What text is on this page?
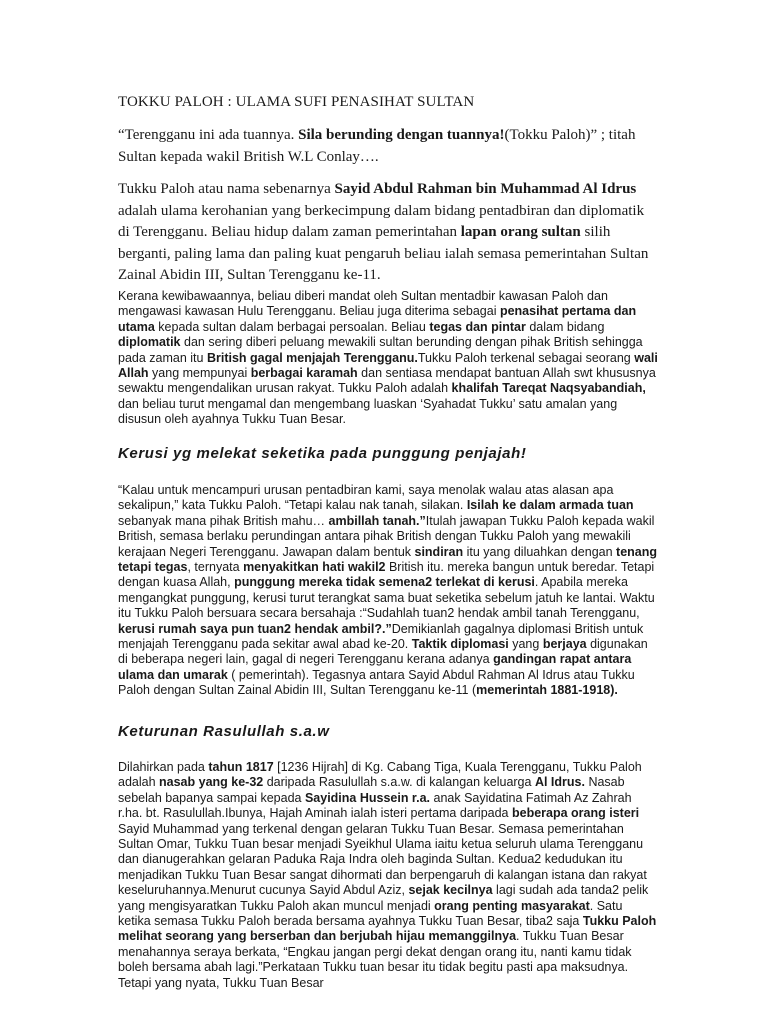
TOKKU PALOH : ULAMA SUFI PENASIHAT SULTAN

“Terengganu ini ada tuannya. Sila berunding dengan tuannya!(Tokku Paloh)” ; titah Sultan kepada wakil British W.L Conlay….

Tukku Paloh atau nama sebenarnya Sayid Abdul Rahman bin Muhammad Al Idrus adalah ulama kerohanian yang berkecimpung dalam bidang pentadbiran dan diplomatik di Terengganu. Beliau hidup dalam zaman pemerintahan lapan orang sultan silih berganti, paling lama dan paling kuat pengaruh beliau ialah semasa pemerintahan Sultan Zainal Abidin III, Sultan Terengganu ke-11.

Kerana kewibawaannya, beliau diberi mandat oleh Sultan mentadbir kawasan Paloh dan mengawasi kawasan Hulu Terengganu. Beliau juga diterima sebagai penasihat pertama dan utama kepada sultan dalam berbagai persoalan. Beliau tegas dan pintar dalam bidang diplomatik dan sering diberi peluang mewakili sultan berunding dengan pihak British sehingga pada zaman itu British gagal menjajah Terengganu.Tukku Paloh terkenal sebagai seorang wali Allah yang mempunyai berbagai karamah dan sentiasa mendapat bantuan Allah swt khususnya sewaktu mengendalikan urusan rakyat. Tukku Paloh adalah khalifah Tareqat Naqsyabandiah, dan beliau turut mengamal dan mengembang luaskan ‘Syahadat Tukku’ satu amalan yang disusun oleh ayahnya Tukku Tuan Besar.

Kerusi yg melekat seketika pada punggung penjajah!

“Kalau untuk mencampuri urusan pentadbiran kami, saya menolak walau atas alasan apa sekalipun,” kata Tukku Paloh. “Tetapi kalau nak tanah, silakan. Isilah ke dalam armada tuan sebanyak mana pihak British mahu… ambillah tanah.”Itulah jawapan Tukku Paloh kepada wakil British, semasa berlaku perundingan antara pihak British dengan Tukku Paloh yang mewakili kerajaan Negeri Terengganu. Jawapan dalam bentuk sindiran itu yang diluahkan dengan tenang tetapi tegas, ternyata menyakitkan hati wakil2 British itu. mereka bangun untuk beredar. Tetapi dengan kuasa Allah, punggung mereka tidak semena2 terlekat di kerusi. Apabila mereka mengangkat punggung, kerusi turut terangkat sama buat seketika sebelum jatuh ke lantai. Waktu itu Tukku Paloh bersuara secara bersahaja :“Sudahlah tuan2 hendak ambil tanah Terengganu, kerusi rumah saya pun tuan2 hendak ambil?.”Demikianlah gagalnya diplomasi British untuk menjajah Terengganu pada sekitar awal abad ke-20. Taktik diplomasi yang berjaya digunakan di beberapa negeri lain, gagal di negeri Terengganu kerana adanya gandingan rapat antara ulama dan umarak ( pemerintah). Tegasnya antara Sayid Abdul Rahman Al Idrus atau Tukku Paloh dengan Sultan Zainal Abidin III, Sultan Terengganu ke-11 (memerintah 1881-1918).

Keturunan Rasulullah s.a.w

Dilahirkan pada tahun 1817 [1236 Hijrah] di Kg. Cabang Tiga, Kuala Terengganu, Tukku Paloh adalah nasab yang ke-32 daripada Rasulullah s.a.w. di kalangan keluarga Al Idrus. Nasab sebelah bapanya sampai kepada Sayidina Hussein r.a. anak Sayidatina Fatimah Az Zahrah r.ha. bt. Rasulullah.Ibunya, Hajah Aminah ialah isteri pertama daripada beberapa orang isteri Sayid Muhammad yang terkenal dengan gelaran Tukku Tuan Besar. Semasa pemerintahan Sultan Omar, Tukku Tuan besar menjadi Syeikhul Ulama iaitu ketua seluruh ulama Terengganu dan dianugerahkan gelaran Paduka Raja Indra oleh baginda Sultan. Kedua2 kedudukan itu menjadikan Tukku Tuan Besar sangat dihormati dan berpengaruh di kalangan istana dan rakyat keseluruhannya.Menurut cucunya Sayid Abdul Aziz, sejak kecilnya lagi sudah ada tanda2 pelik yang mengisyaratkan Tukku Paloh akan muncul menjadi orang penting masyarakat. Satu ketika semasa Tukku Paloh berada bersama ayahnya Tukku Tuan Besar, tiba2 saja Tukku Paloh melihat seorang yang berserban dan berjubah hijau memanggilnya. Tukku Tuan Besar menahannya seraya berkata, “Engkau jangan pergi dekat dengan orang itu, nanti kamu tidak boleh bersama abah lagi.”Perkataan Tukku tuan besar itu tidak begitu pasti apa maksudnya. Tetapi yang nyata, Tukku Tuan Besar
